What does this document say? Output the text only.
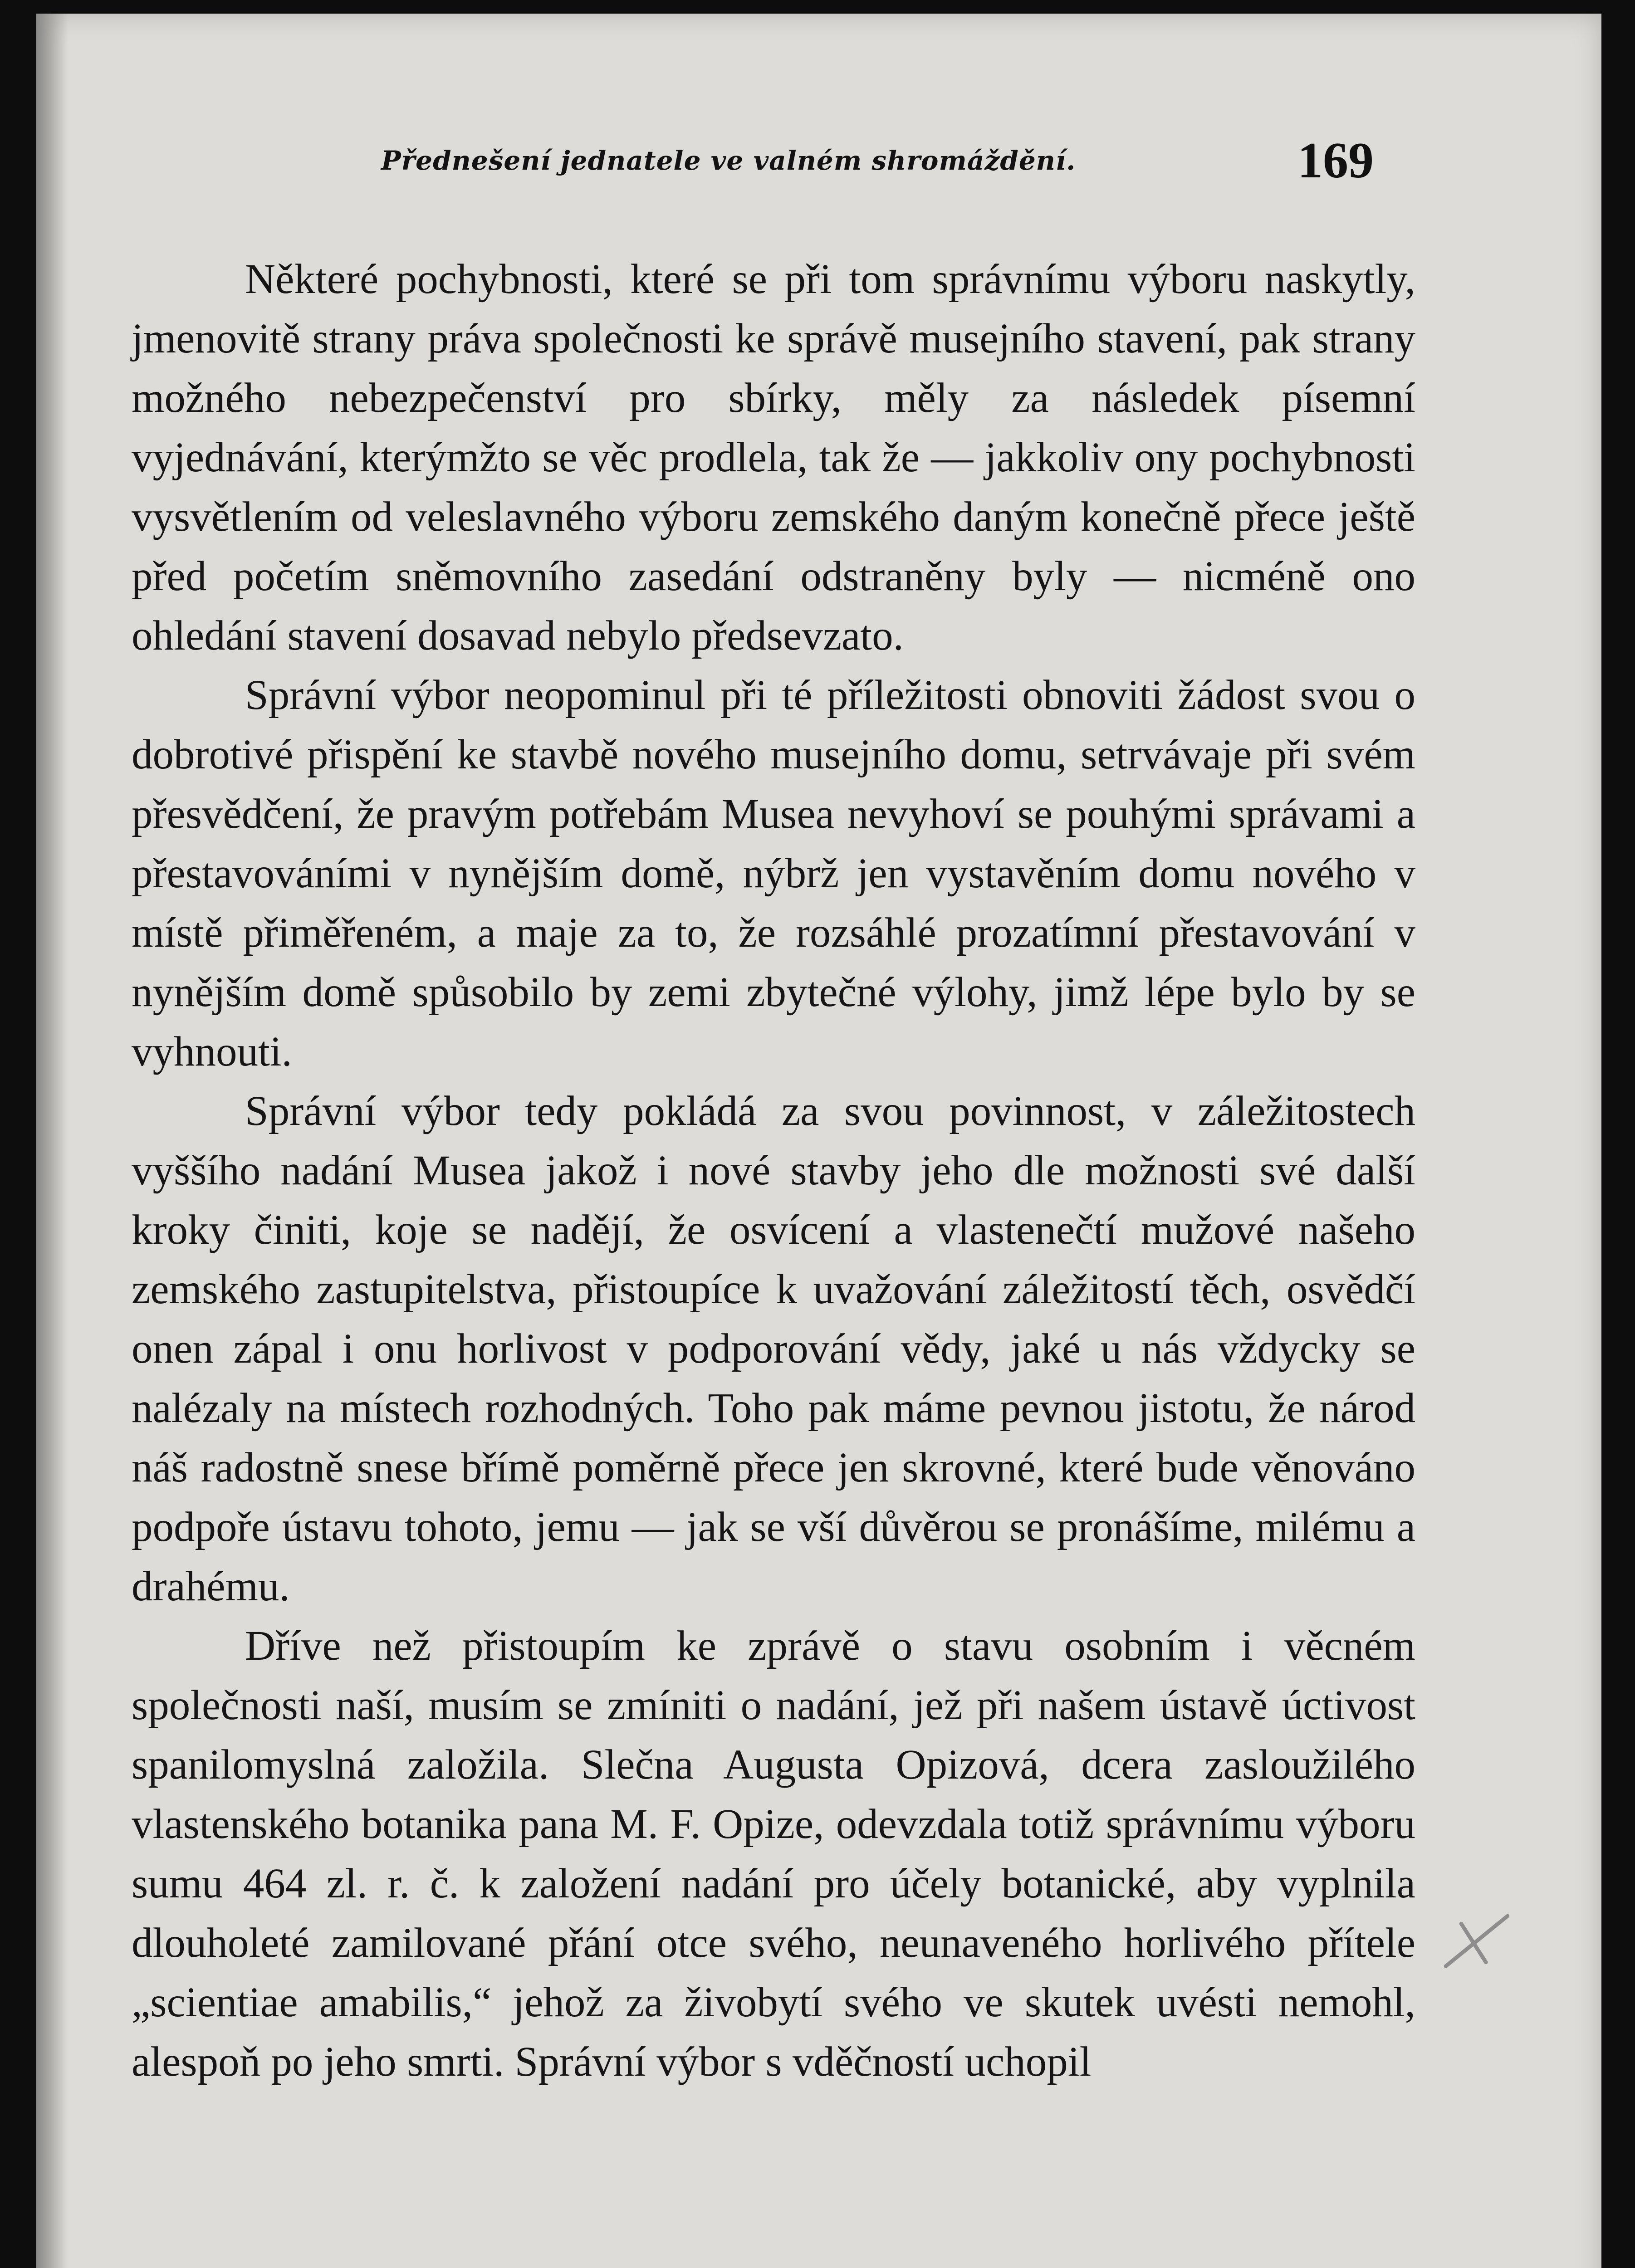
Přednešení jednatele ve valném shromáždění.	169

Některé pochybnosti, které se při tom správnímu výboru naskytly, jmenovitě strany práva společnosti ke správě musejního stavení, pak strany možného nebezpečenství pro sbírky, měly za následek písemní vyjednávání, kterýmžto se věc prodlela, tak že — jakkoliv ony pochybnosti vysvětlením od veleslavného výboru zemského daným konečně přece ještě před početím sněmovního zasedání odstraněny byly — nicméně ono ohledání stavení dosavad nebylo předsevzato.

Správní výbor neopominul při té příležitosti obnoviti žádost svou o dobrotivé přispění ke stavbě nového musejního domu, setrvávaje při svém přesvědčení, že pravým potřebám Musea nevyhoví se pouhými správami a přestavováními v nynějším domě, nýbrž jen vystavěním domu nového v místě přiměřeném, a maje za to, že rozsáhlé prozatímní přestavování v nynějším domě spůsobilo by zemi zbytečné výlohy, jimž lépe bylo by se vyhnouti.

Správní výbor tedy pokládá za svou povinnost, v záležitostech vyššího nadání Musea jakož i nové stavby jeho dle možnosti své další kroky činiti, koje se nadějí, že osvícení a vlastenečtí mužové našeho zemského zastupitelstva, přistoupíce k uvažování záležitostí těch, osvědčí onen zápal i onu horlivost v podporování vědy, jaké u nás vždycky se nalézaly na místech rozhodných. Toho pak máme pevnou jistotu, že národ náš radostně snese břímě poměrně přece jen skrovné, které bude věnováno podpoře ústavu tohoto, jemu — jak se vší důvěrou se pronášíme, milému a drahému.

Dříve než přistoupím ke zprávě o stavu osobním i věcném společnosti naší, musím se zmíniti o nadání, jež při našem ústavě úctivost spanilomyslná založila. Slečna Augusta Opizová, dcera zasloužilého vlastenského botanika pana M. F. Opize, odevzdala totiž správnímu výboru sumu 464 zl. r. č. k založení nadání pro účely botanické, aby vyplnila dlouholeté zamilované přání otce svého, neunaveného horlivého přítele „scientiae amabilis,“ jehož za živobytí svého ve skutek uvésti nemohl, alespoň po jeho smrti. Správní výbor s vděčností uchopil
